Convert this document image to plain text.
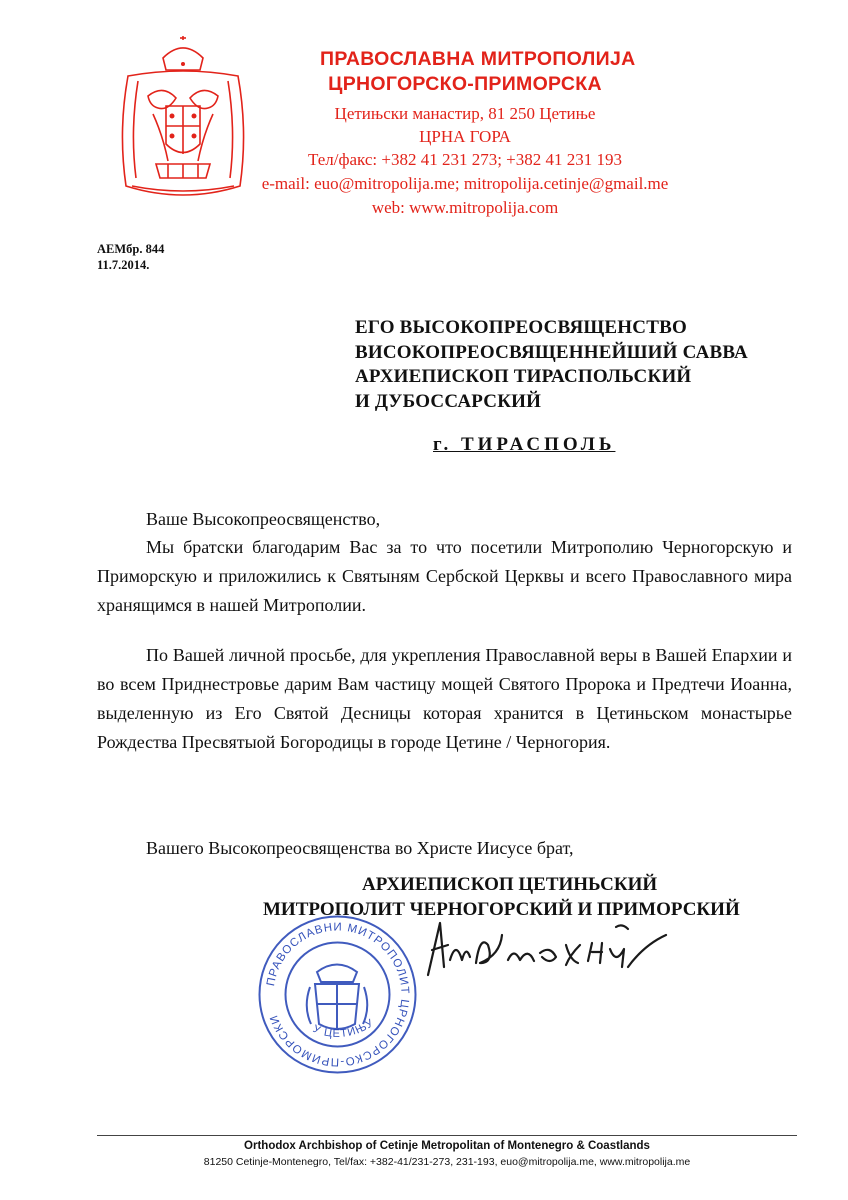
ПРАВОСЛАВНА МИТРОПОЛИЈА
ЦРНОГОРСКО-ПРИМОРСКА
Цетињски манастир, 81 250 Цетиње
ЦРНА ГОРА
Тел/факс: +382 41 231 273; +382 41 231 193
e-mail: euo@mitropolija.me; mitropolija.cetinje@gmail.me
web: www.mitropolija.com
АЕМбр. 844
11.7.2014.
ЕГО ВЫСОКОПРЕОСВЯЩЕНСТВО
ВИСОКОПРЕОСВЯЩЕННЕЙШИЙ САВВА
АРХИЕПИСКОП ТИРАСПОЛЬСКИЙ
И ДУБОССАРСКИЙ
г. ТИРАСПОЛЬ
Ваше Высокопреосвященство,
Мы братски благодарим Вас за то что посетили Митрополию Черногорскую и Приморскую и приложились к Святыням Сербской Церквы и всего Православного мира хранящимся в нашей Митрополии.
По Вашей личной просьбе, для укрепления Православной веры в Вашей Епархии и во всем Приднестровье дарим Вам частицу мощей Святого Пророка и Предтечи Иоанна, выделенную из Его Святой Десницы которая хранится в Цетиньском монастырье Рождества Пресвятыой Богородицы в городе Цетине / Черногория.
Вашего Высокопреосвященства во Христе Иисусе брат,
АРХИЕПИСКОП ЦЕТИНЬСКИЙ
МИТРОПОЛИТ ЧЕРНОГОРСКИЙ И ПРИМОРСКИЙ
ПРАВОСЛАВНИ МИТРОПОЛИТ ЦРНОГОРСКО-ПРИМОРСКИ
У ЦЕТИЊУ
Orthodox Archbishop of Cetinje Metropolitan of Montenegro & Coastlands
81250 Cetinje-Montenegro, Tel/fax: +382-41/231-273, 231-193, euo@mitropolija.me, www.mitropolija.me
